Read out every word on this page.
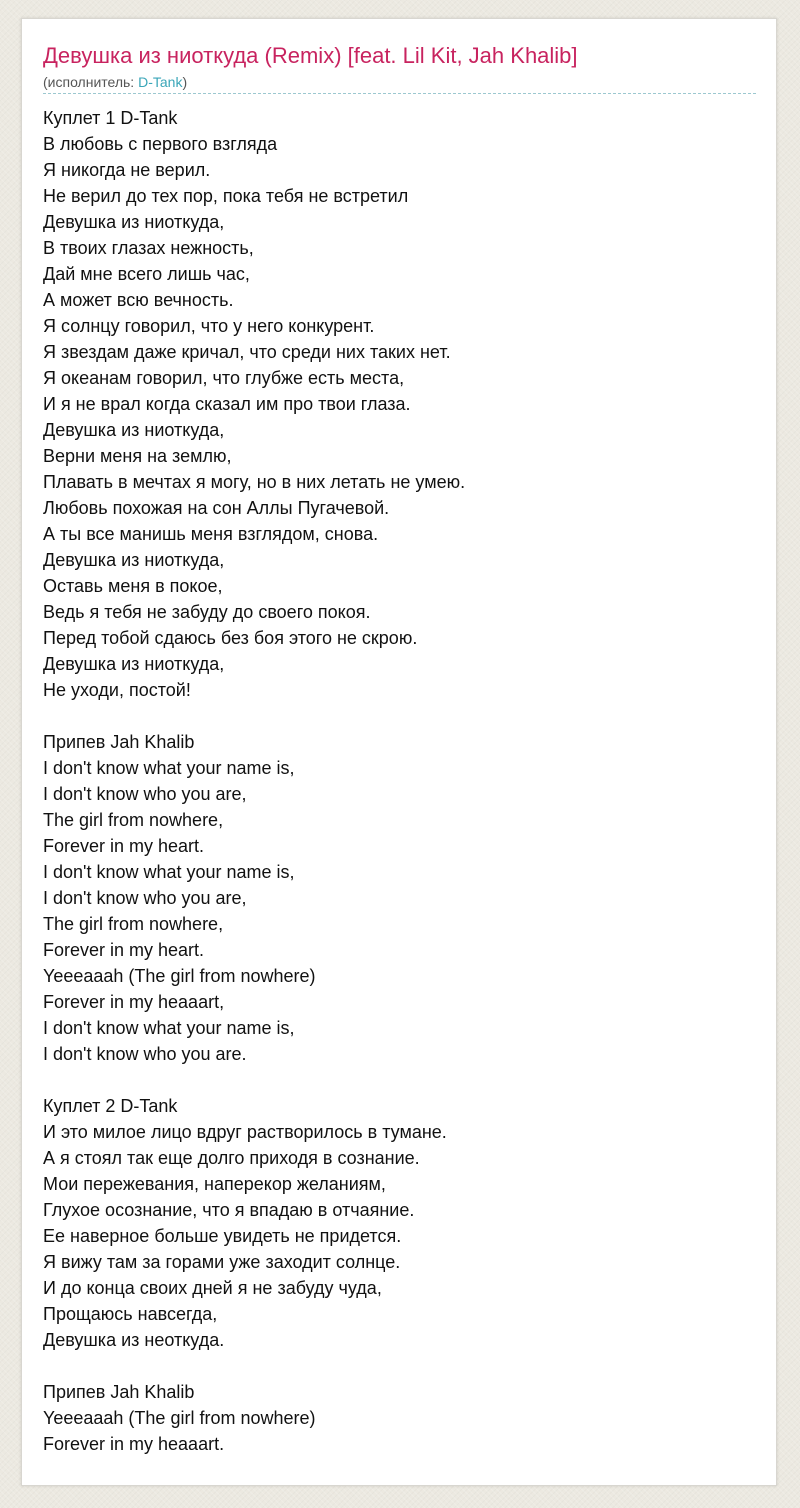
Девушка из ниоткуда (Remix) [feat. Lil Kit, Jah Khalib]
(исполнитель: D-Tank)
Куплет 1 D-Tank
В любовь с первого взгляда
Я никогда не верил.
Не верил до тех пор, пока тебя не встретил
Девушка из ниоткуда,
В твоих глазах нежность,
Дай мне всего лишь час,
А может всю вечность.
Я солнцу говорил, что у него конкурент.
Я звездам даже кричал, что среди них таких нет.
Я океанам говорил, что глубже есть места,
И я не врал когда сказал им про твои глаза.
Девушка из ниоткуда,
Верни меня на землю,
Плавать в мечтах я могу, но в них летать не умею.
Любовь похожая на сон Аллы Пугачевой.
А ты все манишь меня взглядом, снова.
Девушка из ниоткуда,
Оставь меня в покое,
Ведь я тебя не забуду до своего покоя.
Перед тобой сдаюсь без боя этого не скрою.
Девушка из ниоткуда,
Не уходи, постой!
Припев Jah Khalib
I don't know what your name is,
I don't know who you are,
The girl from nowhere,
Forever in my heart.
I don't know what your name is,
I don't know who you are,
The girl from nowhere,
Forever in my heart.
Yeeeaaah (The girl from nowhere)
Forever in my heaaart,
I don't know what your name is,
I don't know who you are.
Куплет 2 D-Tank
И это милое лицо вдруг растворилось в тумане.
А я стоял так еще долго приходя в сознание.
Мои пережевания, наперекор желаниям,
Глухое осознание, что я впадаю в отчаяние.
Ее наверное больше увидеть не придется.
Я вижу там за горами уже заходит солнце.
И до конца своих дней я не забуду чуда,
Прощаюсь навсегда,
Девушка из неоткуда.
Припев Jah Khalib
Yeeeaaah (The girl from nowhere)
Forever in my heaaart.
